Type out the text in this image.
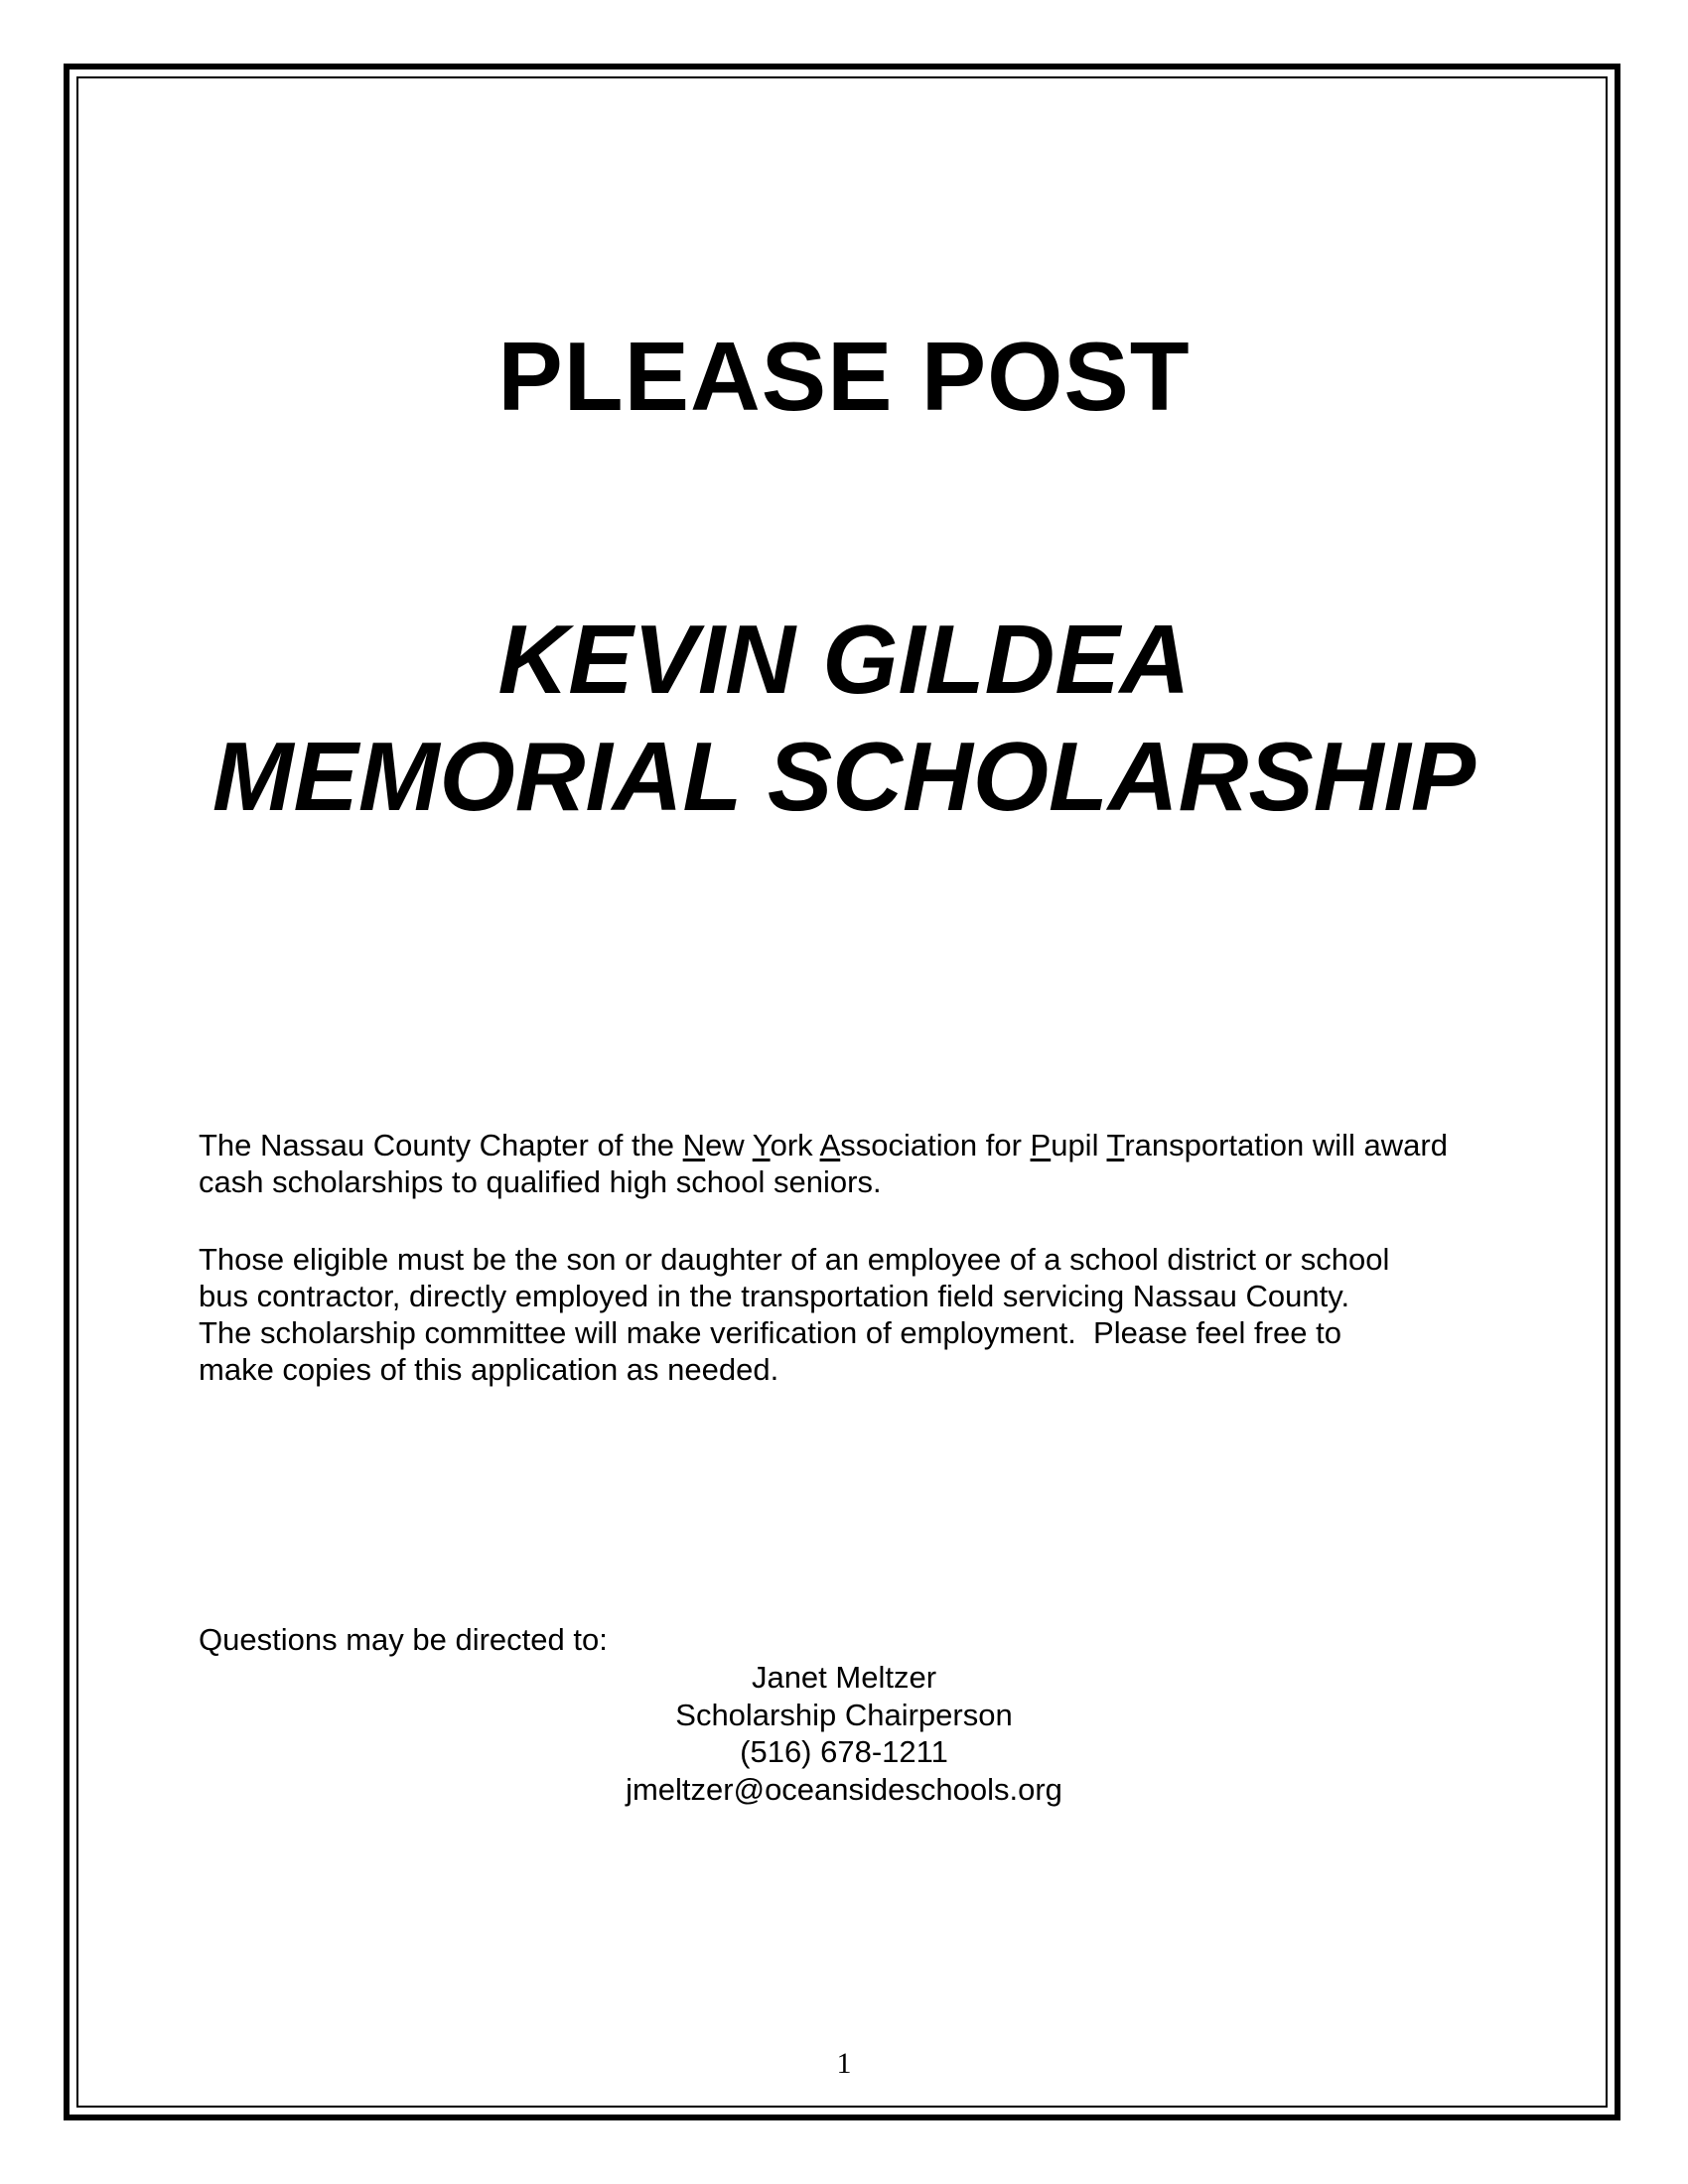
PLEASE POST
KEVIN GILDEA
MEMORIAL SCHOLARSHIP
The Nassau County Chapter of the New York Association for Pupil Transportation will award cash scholarships to qualified high school seniors.
Those eligible must be the son or daughter of an employee of a school district or school
bus contractor, directly employed in the transportation field servicing Nassau County.
The scholarship committee will make verification of employment.  Please feel free to
make copies of this application as needed.
Questions may be directed to:
Janet Meltzer
Scholarship Chairperson
(516) 678-1211
jmeltzer@oceansideschools.org
1
